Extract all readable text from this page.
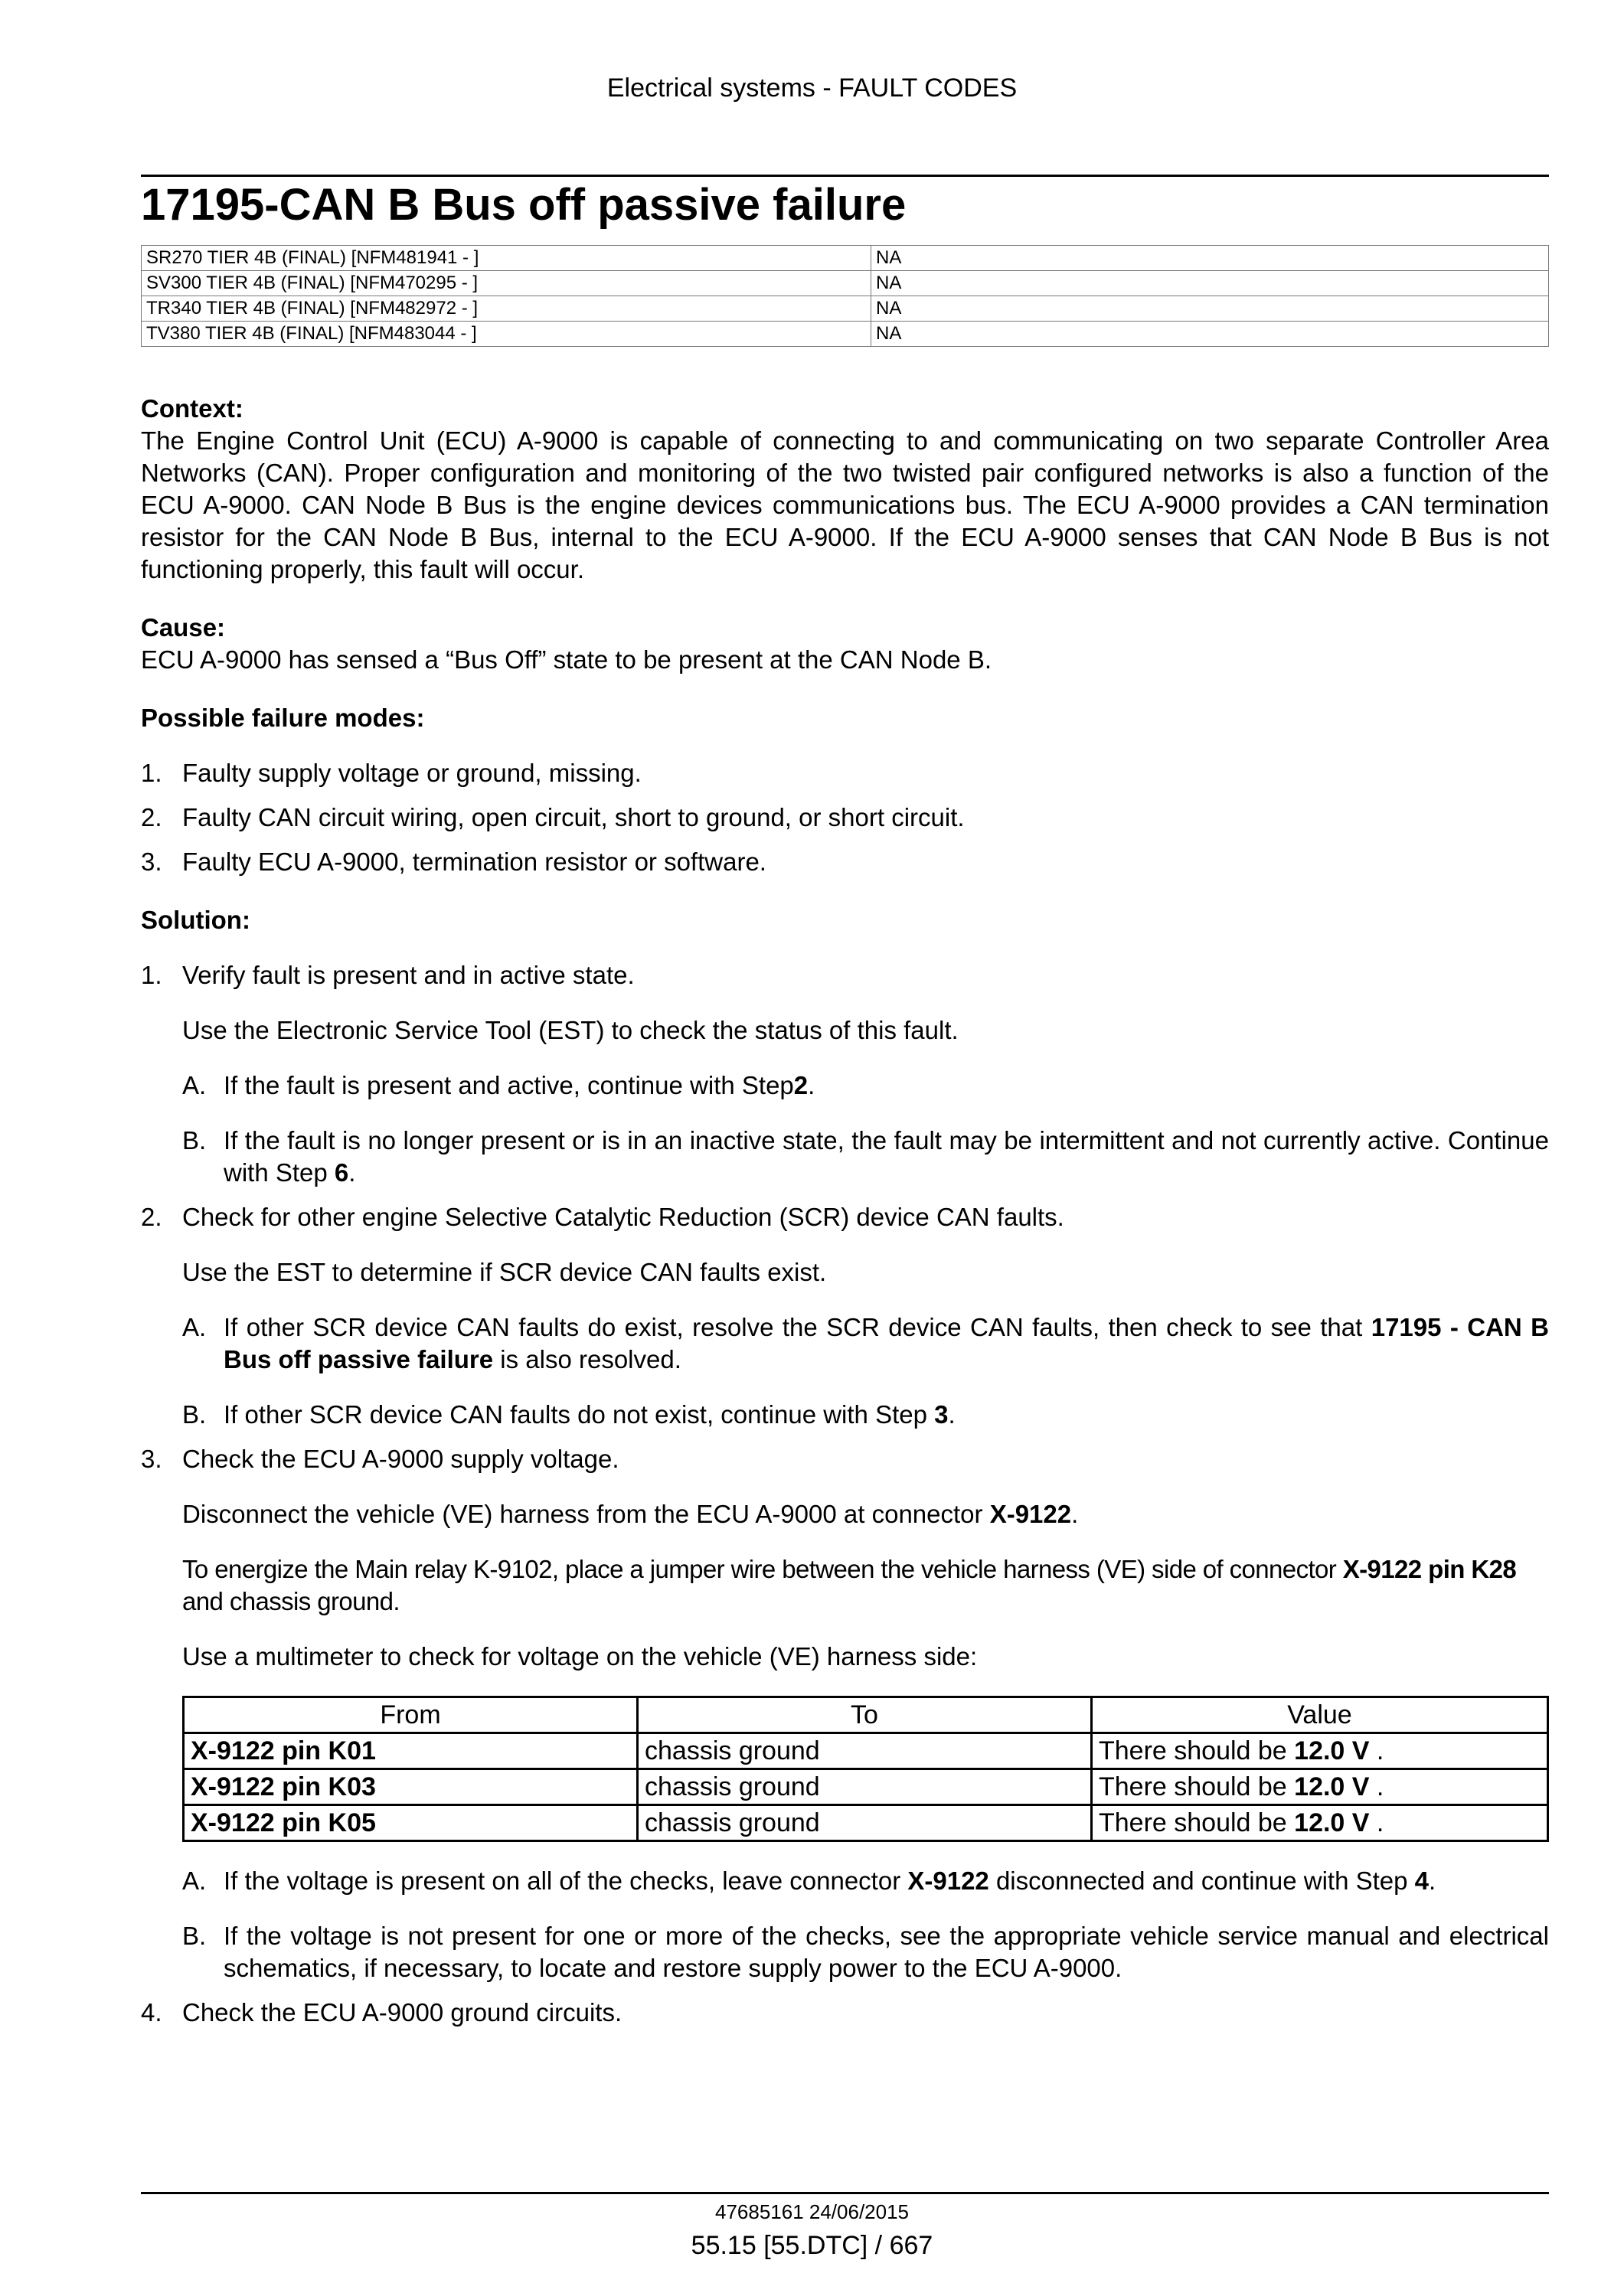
Electrical systems - FAULT CODES
17195-CAN B Bus off passive failure
SR270 TIER 4B (FINAL) [NFM481941 - ]	NA
SV300 TIER 4B (FINAL) [NFM470295 - ]	NA
TR340 TIER 4B (FINAL) [NFM482972 - ]	NA
TV380 TIER 4B (FINAL) [NFM483044 - ]	NA
Context:
The Engine Control Unit (ECU) A-9000 is capable of connecting to and communicating on two separate Controller Area Networks (CAN). Proper configuration and monitoring of the two twisted pair configured networks is also a function of the ECU A-9000. CAN Node B Bus is the engine devices communications bus. The ECU A-9000 provides a CAN termination resistor for the CAN Node B Bus, internal to the ECU A-9000. If the ECU A-9000 senses that CAN Node B Bus is not functioning properly, this fault will occur.
Cause:
ECU A-9000 has sensed a “Bus Off” state to be present at the CAN Node B.
Possible failure modes:
1. Faulty supply voltage or ground, missing.
2. Faulty CAN circuit wiring, open circuit, short to ground, or short circuit.
3. Faulty ECU A-9000, termination resistor or software.
Solution:
1. Verify fault is present and in active state.
Use the Electronic Service Tool (EST) to check the status of this fault.
A. If the fault is present and active, continue with Step2.
B. If the fault is no longer present or is in an inactive state, the fault may be intermittent and not currently active. Continue with Step 6.
2. Check for other engine Selective Catalytic Reduction (SCR) device CAN faults.
Use the EST to determine if SCR device CAN faults exist.
A. If other SCR device CAN faults do exist, resolve the SCR device CAN faults, then check to see that 17195 - CAN B Bus off passive failure is also resolved.
B. If other SCR device CAN faults do not exist, continue with Step 3.
3. Check the ECU A-9000 supply voltage.
Disconnect the vehicle (VE) harness from the ECU A-9000 at connector X-9122.
To energize the Main relay K-9102, place a jumper wire between the vehicle harness (VE) side of connector X-9122 pin K28 and chassis ground.
Use a multimeter to check for voltage on the vehicle (VE) harness side:
From	To	Value
X-9122 pin K01	chassis ground	There should be 12.0 V .
X-9122 pin K03	chassis ground	There should be 12.0 V .
X-9122 pin K05	chassis ground	There should be 12.0 V .
A. If the voltage is present on all of the checks, leave connector X-9122 disconnected and continue with Step 4.
B. If the voltage is not present for one or more of the checks, see the appropriate vehicle service manual and electrical schematics, if necessary, to locate and restore supply power to the ECU A-9000.
4. Check the ECU A-9000 ground circuits.
47685161 24/06/2015
55.15 [55.DTC] / 667
